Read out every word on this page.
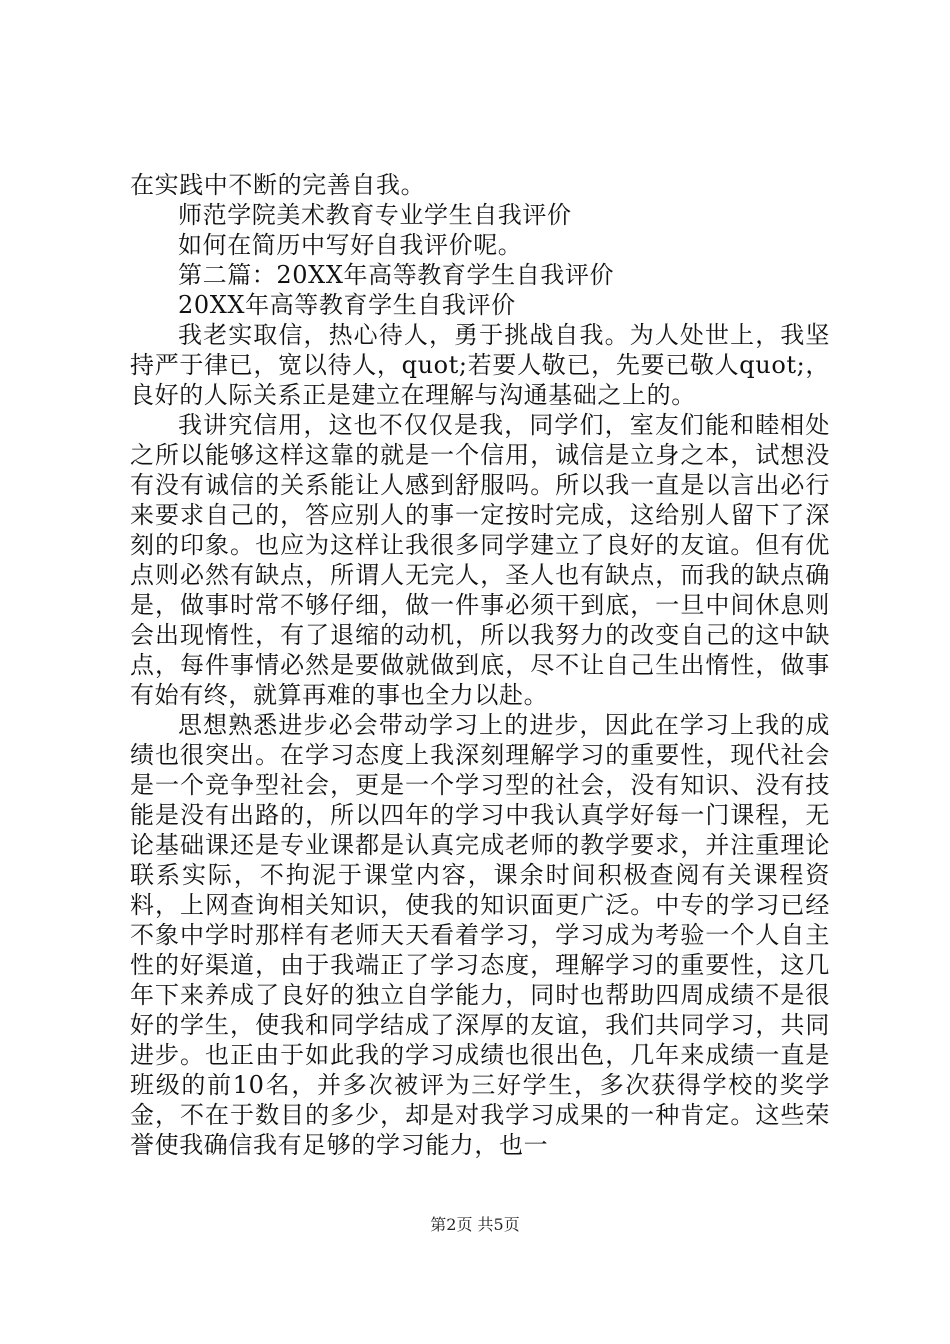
在实践中不断的完善自我。

师范学院美术教育专业学生自我评价

如何在简历中写好自我评价呢。

第二篇：20XX年高等教育学生自我评价

20XX年高等教育学生自我评价

我老实取信，热心待人，勇于挑战自我。为人处世上，我坚持严于律已，宽以待人，quot;若要人敬已，先要已敬人quot;，良好的人际关系正是建立在理解与沟通基础之上的。

我讲究信用，这也不仅仅是我，同学们，室友们能和睦相处之所以能够这样这靠的就是一个信用，诚信是立身之本，试想没有没有诚信的关系能让人感到舒服吗。所以我一直是以言出必行来要求自己的，答应别人的事一定按时完成，这给别人留下了深刻的印象。也应为这样让我很多同学建立了良好的友谊。但有优点则必然有缺点，所谓人无完人，圣人也有缺点，而我的缺点确是，做事时常不够仔细，做一件事必须干到底，一旦中间休息则会出现惰性，有了退缩的动机，所以我努力的改变自己的这中缺点，每件事情必然是要做就做到底，尽不让自己生出惰性，做事有始有终，就算再难的事也全力以赴。

思想熟悉进步必会带动学习上的进步，因此在学习上我的成绩也很突出。在学习态度上我深刻理解学习的重要性，现代社会是一个竞争型社会，更是一个学习型的社会，没有知识、没有技能是没有出路的，所以四年的学习中我认真学好每一门课程，无论基础课还是专业课都是认真完成老师的教学要求，并注重理论联系实际，不拘泥于课堂内容，课余时间积极查阅有关课程资料，上网查询相关知识，使我的知识面更广泛。中专的学习已经不象中学时那样有老师天天看着学习，学习成为考验一个人自主性的好渠道，由于我端正了学习态度，理解学习的重要性，这几年下来养成了良好的独立自学能力，同时也帮助四周成绩不是很好的学生，使我和同学结成了深厚的友谊，我们共同学习，共同进步。也正由于如此我的学习成绩也很出色，几年来成绩一直是班级的前10名，并多次被评为三好学生，多次获得学校的奖学金，不在于数目的多少，却是对我学习成果的一种肯定。这些荣誉使我确信我有足够的学习能力，也一

第2页 共5页
